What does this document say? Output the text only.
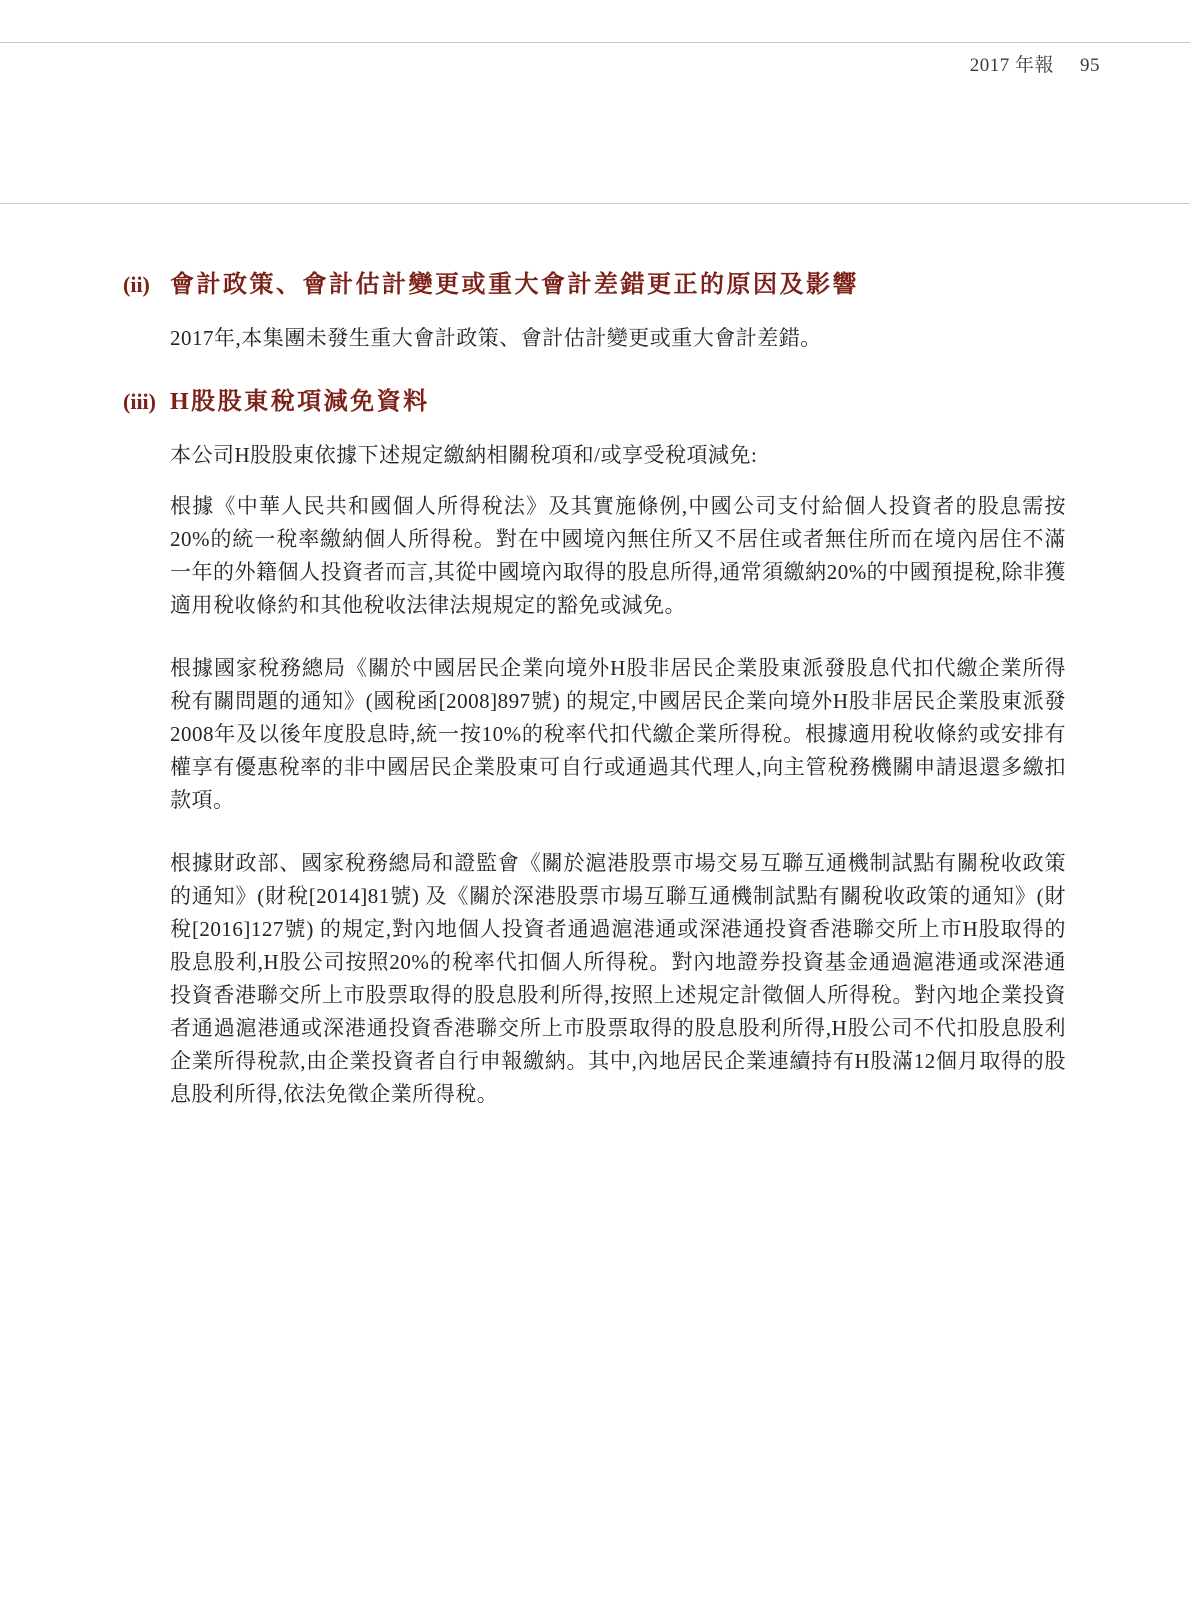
2017 年報 95
(ii) 會計政策、會計估計變更或重大會計差錯更正的原因及影響

2017年,本集團未發生重大會計政策、會計估計變更或重大會計差錯。

(iii) H股股東稅項減免資料

本公司H股股東依據下述規定繳納相關稅項和/或享受稅項減免:

根據《中華人民共和國個人所得稅法》及其實施條例,中國公司支付給個人投資者的股息需按20%的統一稅率繳納個人所得稅。對在中國境內無住所又不居住或者無住所而在境內居住不滿一年的外籍個人投資者而言,其從中國境內取得的股息所得,通常須繳納20%的中國預提稅,除非獲適用稅收條約和其他稅收法律法規規定的豁免或減免。

根據國家稅務總局《關於中國居民企業向境外H股非居民企業股東派發股息代扣代繳企業所得稅有關問題的通知》(國稅函[2008]897號) 的規定,中國居民企業向境外H股非居民企業股東派發2008年及以後年度股息時,統一按10%的稅率代扣代繳企業所得稅。根據適用稅收條約或安排有權享有優惠稅率的非中國居民企業股東可自行或通過其代理人,向主管稅務機關申請退還多繳扣款項。

根據財政部、國家稅務總局和證監會《關於滬港股票市場交易互聯互通機制試點有關稅收政策的通知》(財稅[2014]81號) 及《關於深港股票市場互聯互通機制試點有關稅收政策的通知》(財稅[2016]127號) 的規定,對內地個人投資者通過滬港通或深港通投資香港聯交所上市H股取得的股息股利,H股公司按照20%的稅率代扣個人所得稅。對內地證券投資基金通過滬港通或深港通投資香港聯交所上市股票取得的股息股利所得,按照上述規定計徵個人所得稅。對內地企業投資者通過滬港通或深港通投資香港聯交所上市股票取得的股息股利所得,H股公司不代扣股息股利企業所得稅款,由企業投資者自行申報繳納。其中,內地居民企業連續持有H股滿12個月取得的股息股利所得,依法免徵企業所得稅。
